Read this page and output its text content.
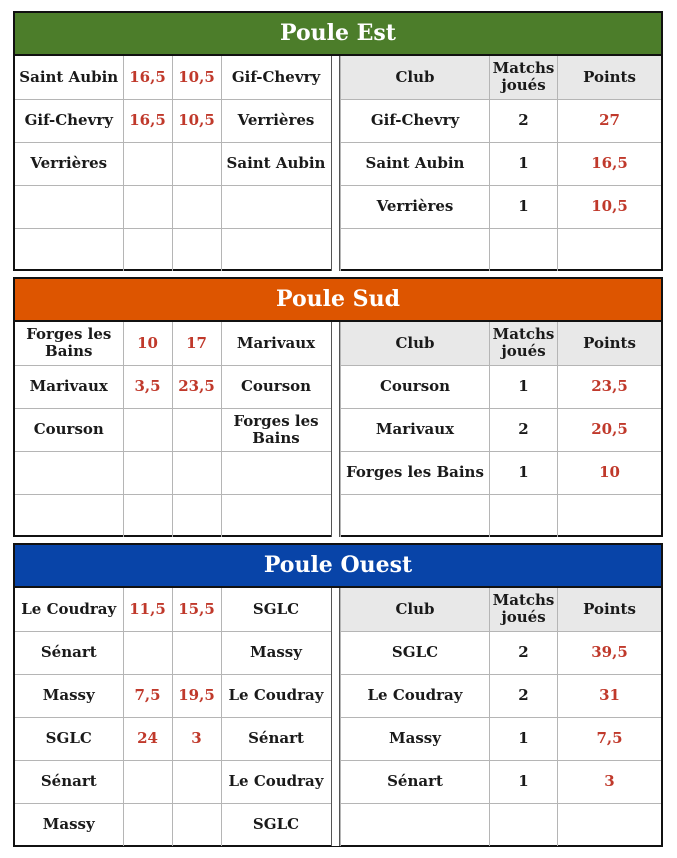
Poule Est
Saint Aubin	16,5	10,5	Gif-Chevry
Gif-Chevry	16,5	10,5	Verrières
Verrières			Saint Aubin

Club	Matchs joués	Points
Gif-Chevry	2	27
Saint Aubin	1	16,5
Verrières	1	10,5

Poule Sud
Forges les Bains	10	17	Marivaux
Marivaux	3,5	23,5	Courson
Courson			Forges les Bains

Club	Matchs joués	Points
Courson	1	23,5
Marivaux	2	20,5
Forges les Bains	1	10

Poule Ouest
Le Coudray	11,5	15,5	SGLC
Sénart			Massy
Massy	7,5	19,5	Le Coudray
SGLC	24	3	Sénart
Sénart			Le Coudray
Massy			SGLC
Club	Matchs joués	Points
SGLC	2	39,5
Le Coudray	2	31
Massy	1	7,5
Sénart	1	3
